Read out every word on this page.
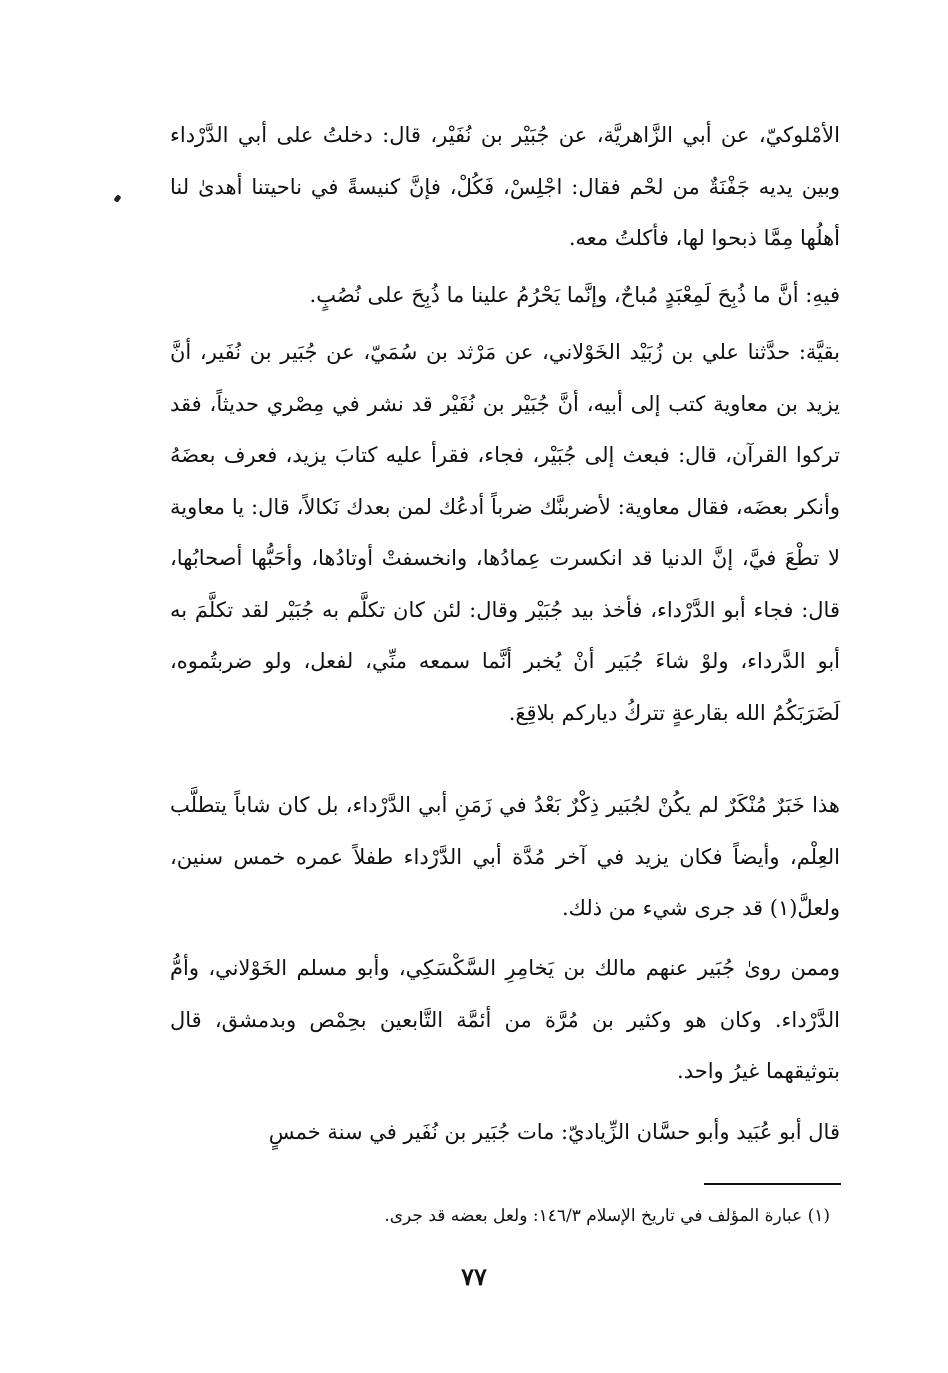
الأمْلوكيّ، عن أبي الزَّاهريَّة، عن جُبَيْر بن نُفَيْر، قال: دخلتُ على أبي الدَّرْداء وبين يديه جَفْنَةٌ من لحْم فقال: اجْلِسْ، فَكُلْ، فإنَّ كنيسةً في ناحيتنا أهدىٰ لنا أهلُها مِمَّا ذبحوا لها، فأكلتُ معه.

فيهِ: أنَّ ما ذُبِحَ لَمِعْبَدٍ مُباحٌ، وإنَّما يَحْرُمُ علينا ما ذُبِحَ على نُصُبٍ.

بقيَّة: حدَّثنا علي بن زُبَيْد الخَوْلاني، عن مَرْثد بن سُمَيّ، عن جُبَير بن نُفَير، أنَّ يزيد بن معاوية كتب إلى أبيه، أنَّ جُبَيْر بن نُفَيْر قد نشر في مِصْري حديثاً، فقد تركوا القرآن، قال: فبعث إلى جُبَيْر، فجاء، فقرأ عليه كتابَ يزيد، فعرف بعضَهُ وأنكر بعضَه، فقال معاوية: لأضربنَّك ضرباً أدعُك لمن بعدك نَكالاً، قال: يا معاوية لا تطْعَ فيَّ، إنَّ الدنيا قد انكسرت عِمادُها، وانخسفتْ أوتادُها، وأحَبُّها أصحابُها، قال: فجاء أبو الدَّرْداء، فأخذ بيد جُبَيْر وقال: لئن كان تكلَّم به جُبَيْر لقد تكلَّمَ به أبو الدَّرداء، ولوْ شاءَ جُبَير أنْ يُخبر أنَّما سمعه منِّي، لفعل، ولو ضربتُموه، لَضَرَبَكُمُ الله بقارعةٍ تتركُ دياركم بلاقِعَ.

هذا خَبَرٌ مُنْكَرٌ لم يكُنْ لجُبَير ذِكْرٌ بَعْدُ في زَمَنِ أبي الدَّرْداء، بل كان شاباً يتطلَّب العِلْم، وأيضاً فكان يزيد في آخر مُدَّة أبي الدَّرْداء طفلاً عمره خمس سنين، ولعلَّ(١) قد جرى شيء من ذلك.

وممن روىٰ جُبَير عنهم مالك بن يَخامِرِ السَّكْسَكِي، وأبو مسلم الخَوْلاني، وأمُّ الدَّرْداء. وكان هو وكثير بن مُرَّة من أئمَّة التَّابعين بحِمْص وبدمشق، قال بتوثيقهما غيرُ واحد.

قال أبو عُبَيد وأبو حسَّان الزِّياديّ: مات جُبَير بن نُفَير في سنة خمسٍ

(١) عبارة المؤلف في تاريخ الإسلام ١٤٦/٣: ولعل بعضه قد جرى.

٧٧
